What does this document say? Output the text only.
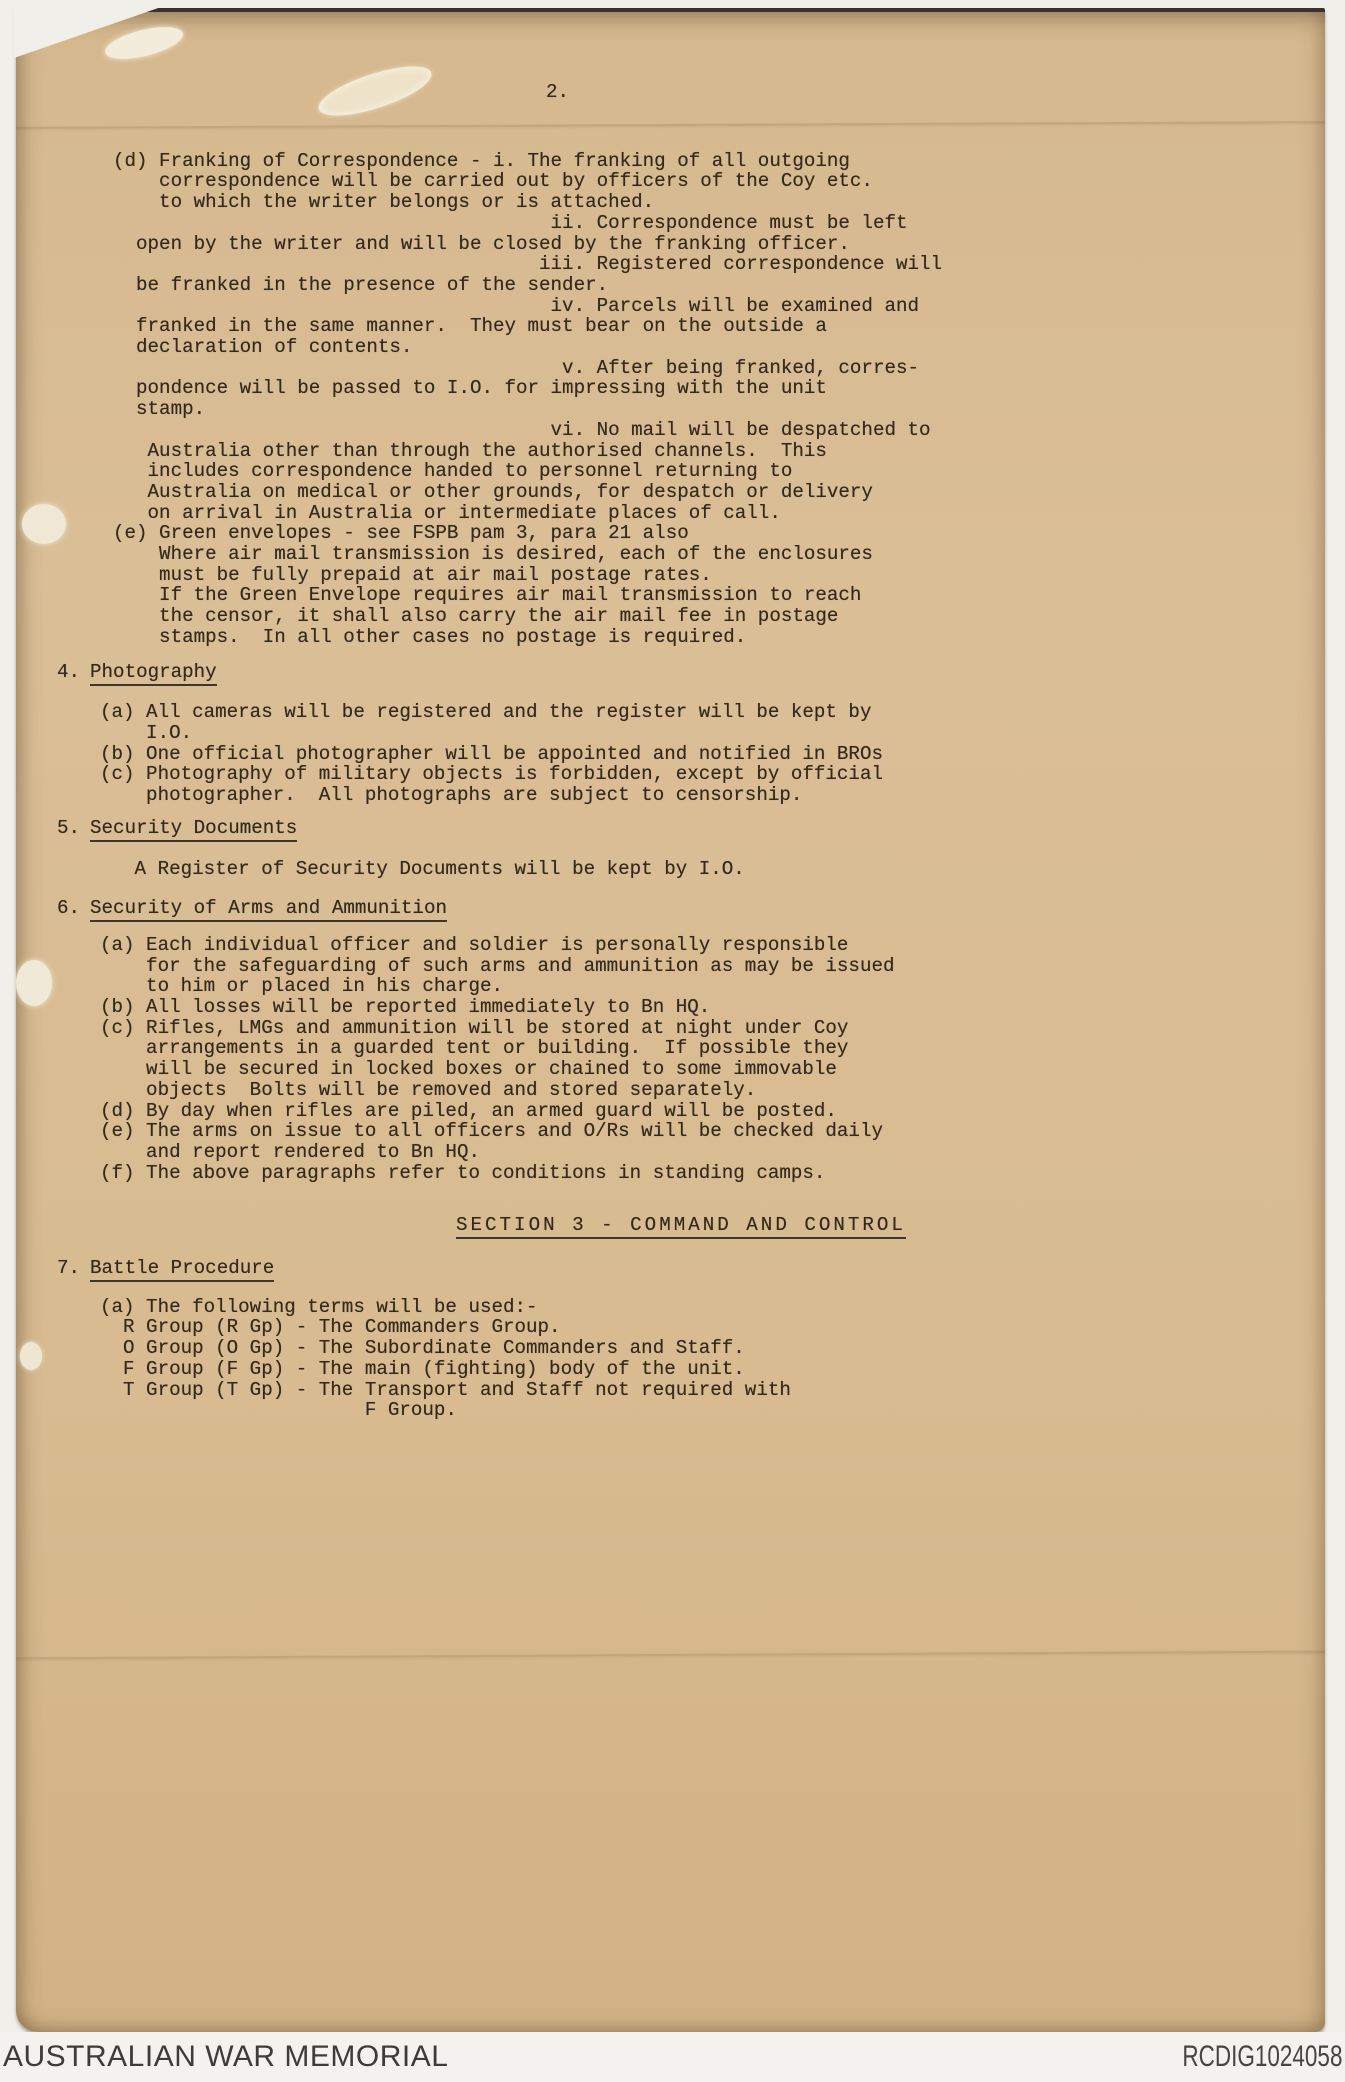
2.
(d) Franking of Correspondence - i. The franking of all outgoing
correspondence will be carried out by officers of the Coy etc.
to which the writer belongs or is attached.
ii. Correspondence must be left
open by the writer and will be closed by the franking officer.
iii. Registered correspondence will
be franked in the presence of the sender.
iv. Parcels will be examined and
franked in the same manner.  They must bear on the outside a
declaration of contents.
v. After being franked, corres-
pondence will be passed to I.O. for impressing with the unit
stamp.
vi. No mail will be despatched to
Australia other than through the authorised channels.  This
includes correspondence handed to personnel returning to
Australia on medical or other grounds, for despatch or delivery
on arrival in Australia or intermediate places of call.
(e) Green envelopes - see FSPB pam 3, para 21 also
Where air mail transmission is desired, each of the enclosures
must be fully prepaid at air mail postage rates.
If the Green Envelope requires air mail transmission to reach
the censor, it shall also carry the air mail fee in postage
stamps.  In all other cases no postage is required.
4. Photography
(a) All cameras will be registered and the register will be kept by
I.O.
(b) One official photographer will be appointed and notified in BROs
(c) Photography of military objects is forbidden, except by official
photographer.  All photographs are subject to censorship.
5. Security Documents
A Register of Security Documents will be kept by I.O.
6. Security of Arms and Ammunition
(a) Each individual officer and soldier is personally responsible
for the safeguarding of such arms and ammunition as may be issued
to him or placed in his charge.
(b) All losses will be reported immediately to Bn HQ.
(c) Rifles, LMGs and ammunition will be stored at night under Coy
arrangements in a guarded tent or building.  If possible they
will be secured in locked boxes or chained to some immovable
objects  Bolts will be removed and stored separately.
(d) By day when rifles are piled, an armed guard will be posted.
(e) The arms on issue to all officers and O/Rs will be checked daily
and report rendered to Bn HQ.
(f) The above paragraphs refer to conditions in standing camps.
SECTION 3 - COMMAND AND CONTROL
7. Battle Procedure
(a) The following terms will be used:-
R Group (R Gp) - The Commanders Group.
O Group (O Gp) - The Subordinate Commanders and Staff.
F Group (F Gp) - The main (fighting) body of the unit.
T Group (T Gp) - The Transport and Staff not required with
F Group.
AUSTRALIAN WAR MEMORIAL	RCDIG1024058
